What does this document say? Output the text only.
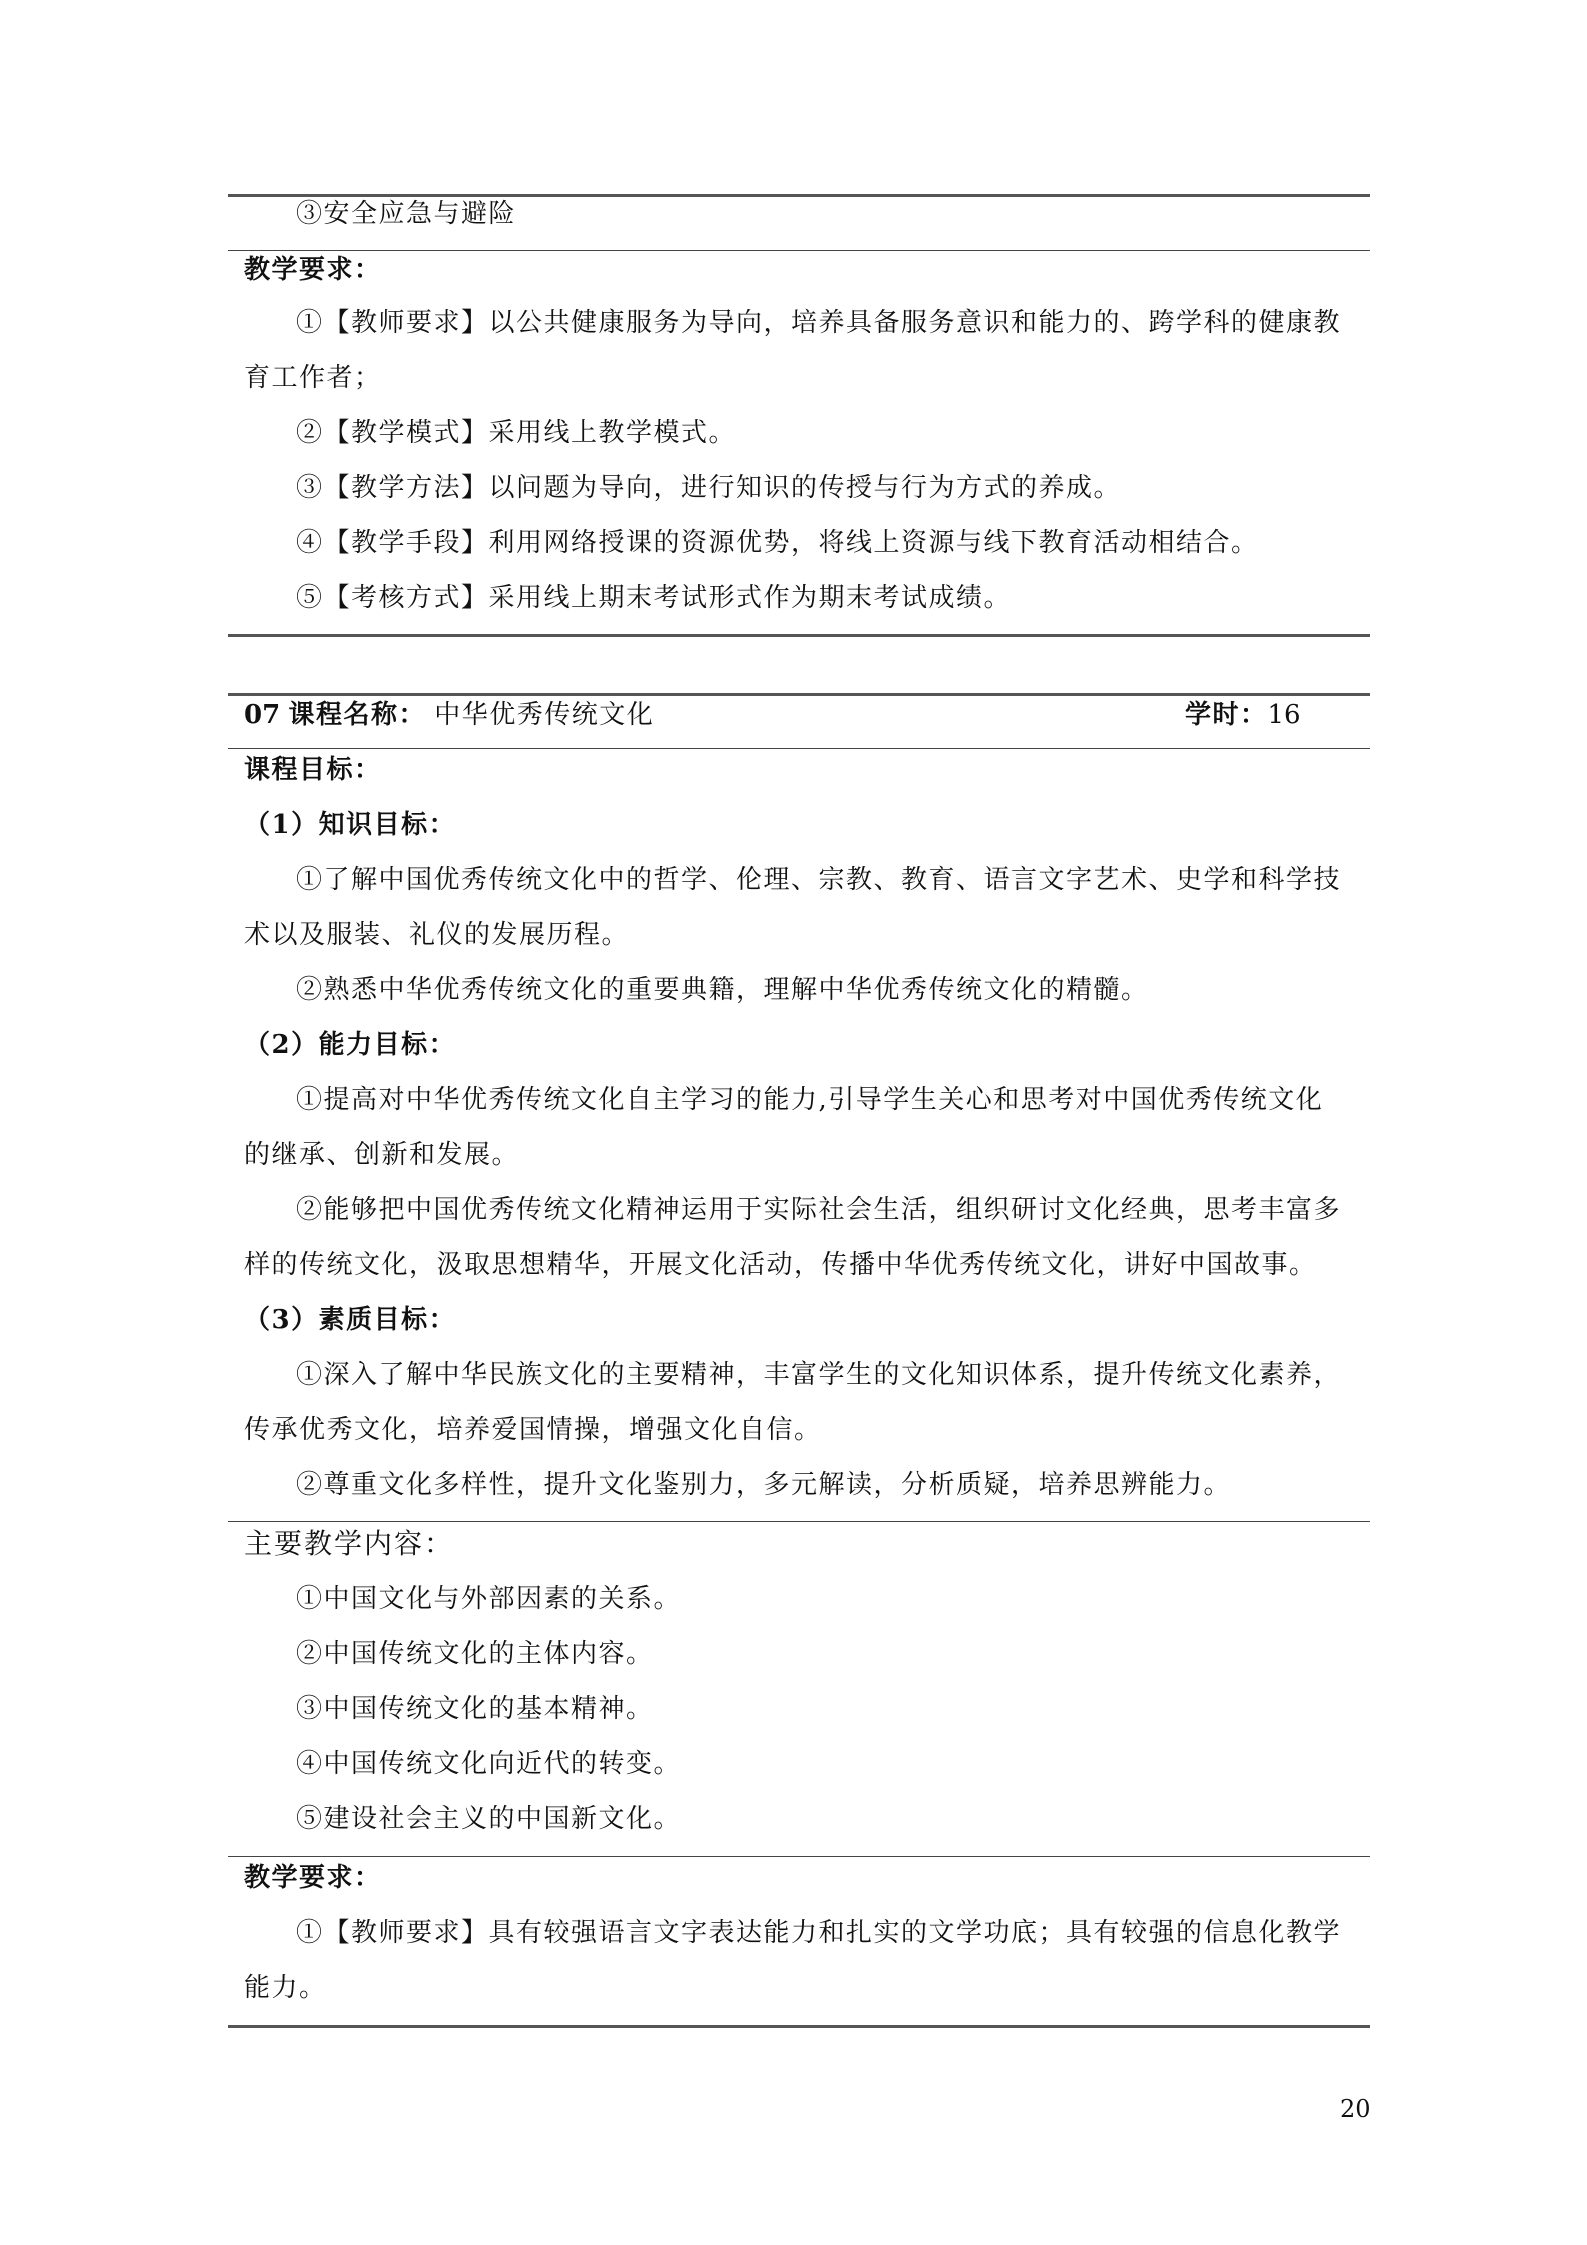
③安全应急与避险
教学要求：
①【教师要求】以公共健康服务为导向，培养具备服务意识和能力的、跨学科的健康教
育工作者；
②【教学模式】采用线上教学模式。
③【教学方法】以问题为导向，进行知识的传授与行为方式的养成。
④【教学手段】利用网络授课的资源优势，将线上资源与线下教育活动相结合。
⑤【考核方式】采用线上期末考试形式作为期末考试成绩。
07 课程名称： 中华优秀传统文化	学时：16
课程目标：
（1）知识目标：
①了解中国优秀传统文化中的哲学、伦理、宗教、教育、语言文字艺术、史学和科学技
术以及服装、礼仪的发展历程。
②熟悉中华优秀传统文化的重要典籍，理解中华优秀传统文化的精髓。
（2）能力目标：
①提高对中华优秀传统文化自主学习的能力,引导学生关心和思考对中国优秀传统文化
的继承、创新和发展。
②能够把中国优秀传统文化精神运用于实际社会生活，组织研讨文化经典，思考丰富多
样的传统文化，汲取思想精华，开展文化活动，传播中华优秀传统文化，讲好中国故事。
（3）素质目标：
①深入了解中华民族文化的主要精神，丰富学生的文化知识体系，提升传统文化素养，
传承优秀文化，培养爱国情操，增强文化自信。
②尊重文化多样性，提升文化鉴别力，多元解读，分析质疑，培养思辨能力。
主要教学内容：
①中国文化与外部因素的关系。
②中国传统文化的主体内容。
③中国传统文化的基本精神。
④中国传统文化向近代的转变。
⑤建设社会主义的中国新文化。
教学要求：
①【教师要求】具有较强语言文字表达能力和扎实的文学功底；具有较强的信息化教学
能力。
20
